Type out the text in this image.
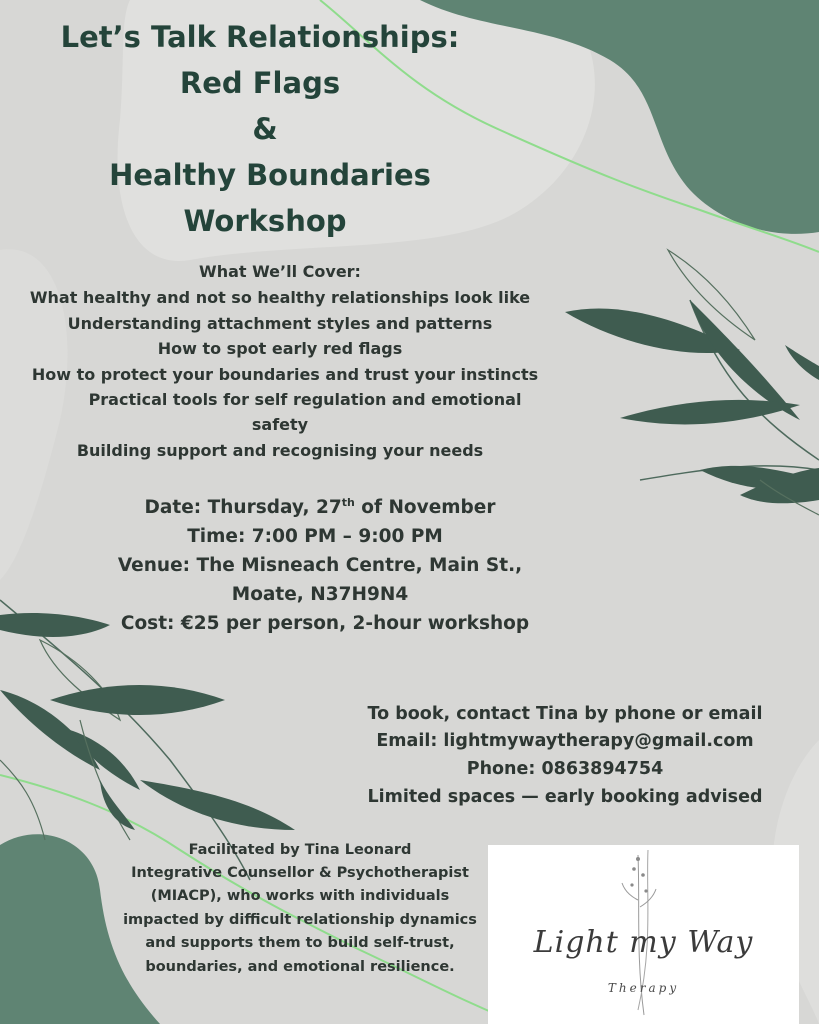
Let’s Talk Relationships:
Red Flags
&
Healthy Boundaries
Workshop
What We’ll Cover:
What healthy and not so healthy relationships look like
Understanding attachment styles and patterns
How to spot early red flags
How to protect your boundaries and trust your instincts
Practical tools for self regulation and emotional
safety
Building support and recognising your needs
Date: Thursday, 27th of November
Time: 7:00 PM – 9:00 PM
Venue: The Misneach Centre, Main St.,
Moate, N37H9N4
Cost: €25 per person, 2-hour workshop
To book, contact Tina by phone or email
Email: lightmywaytherapy@gmail.com
Phone: 0863894754
Limited spaces — early booking advised
Facilitated by Tina Leonard
Integrative Counsellor & Psychotherapist
(MIACP), who works with individuals
impacted by difficult relationship dynamics
and supports them to build self-trust,
boundaries, and emotional resilience.
Light my Way
Therapy
